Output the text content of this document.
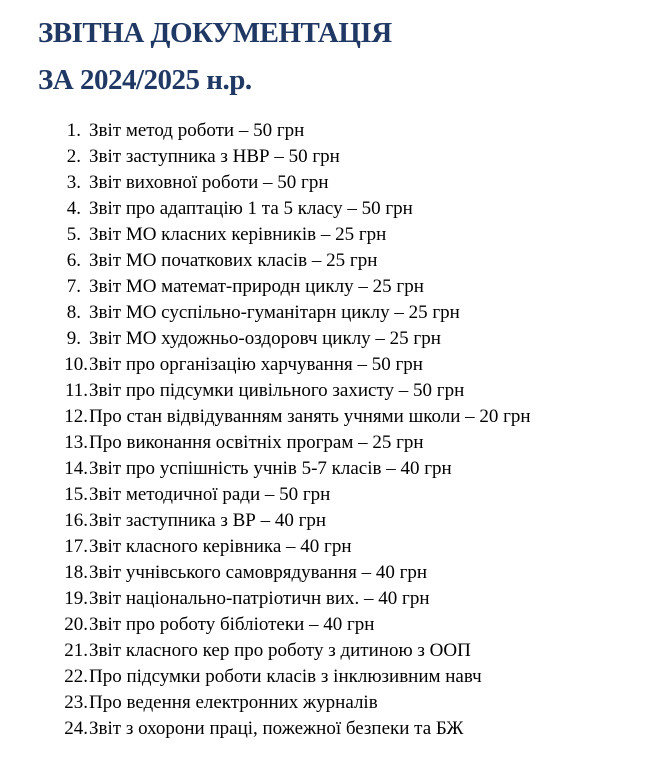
ЗВІТНА ДОКУМЕНТАЦІЯ
ЗА 2024/2025 н.р.
1. Звіт метод роботи – 50 грн
2. Звіт заступника з НВР – 50 грн
3. Звіт виховної роботи – 50 грн
4. Звіт про адаптацію 1 та 5 класу – 50 грн
5. Звіт МО класних керівників – 25 грн
6. Звіт МО початкових класів – 25 грн
7. Звіт МО математ-природн циклу – 25 грн
8. Звіт МО суспільно-гуманітарн циклу – 25 грн
9. Звіт МО художньо-оздоровч циклу – 25 грн
10. Звіт про організацію харчування – 50 грн
11. Звіт про підсумки цивільного захисту – 50 грн
12. Про стан відвідуванням занять учнями школи – 20 грн
13. Про виконання освітніх програм – 25 грн
14. Звіт про успішність учнів 5-7 класів – 40 грн
15. Звіт методичної ради – 50 грн
16. Звіт заступника з ВР – 40 грн
17. Звіт класного керівника – 40 грн
18. Звіт учнівського самоврядування – 40 грн
19. Звіт національно-патріотичн вих. – 40 грн
20. Звіт про роботу бібліотеки – 40 грн
21. Звіт класного кер про роботу з дитиною з ООП
22. Про підсумки роботи класів з інклюзивним навч
23. Про ведення електронних журналів
24. Звіт з охорони праці, пожежної безпеки та БЖ
